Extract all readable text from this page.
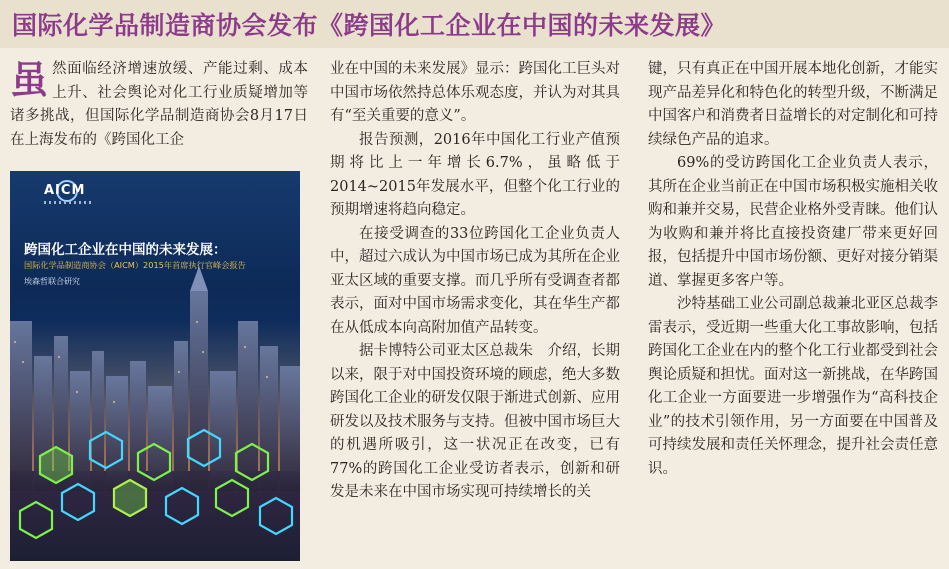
国际化学品制造商协会发布《跨国化工企业在中国的未来发展》

虽 然面临经济增速放缓、产能过剩、成本上升、社会舆论对化工行业质疑增加等诸多挑战，但国际化学品制造商协会8月17日在上海发布的《跨国化工企

AICM
跨国化工企业在中国的未来发展：
国际化学品制造商协会（AICM）2015年首席执行官峰会报告
埃森哲联合研究

业在中国的未来发展》显示：跨国化工巨头对中国市场依然持总体乐观态度，并认为对其具有“至关重要的意义”。

报告预测，2016年中国化工行业产值预期将比上一年增长6.7%，虽略低于2014~2015年发展水平，但整个化工行业的预期增速将趋向稳定。

在接受调查的33位跨国化工企业负责人中，超过六成认为中国市场已成为其所在企业亚太区域的重要支撑。而几乎所有受调查者都表示，面对中国市场需求变化，其在华生产都在从低成本向高附加值产品转变。

据卡博特公司亚太区总裁朱　介绍，长期以来，限于对中国投资环境的顾虑，绝大多数跨国化工企业的研发仅限于渐进式创新、应用研发以及技术服务与支持。但被中国市场巨大的机遇所吸引，这一状况正在改变，已有77%的跨国化工企业受访者表示，创新和研发是未来在中国市场实现可持续增长的关

键，只有真正在中国开展本地化创新，才能实现产品差异化和特色化的转型升级，不断满足中国客户和消费者日益增长的对定制化和可持续绿色产品的追求。

69%的受访跨国化工企业负责人表示，其所在企业当前正在中国市场积极实施相关收购和兼并交易，民营企业格外受青睐。他们认为收购和兼并将比直接投资建厂带来更好回报，包括提升中国市场份额、更好对接分销渠道、掌握更多客户等。

沙特基础工业公司副总裁兼北亚区总裁李雷表示，受近期一些重大化工事故影响，包括跨国化工企业在内的整个化工行业都受到社会舆论质疑和担忧。面对这一新挑战，在华跨国化工企业一方面要进一步增强作为“高科技企业”的技术引领作用，另一方面要在中国普及可持续发展和责任关怀理念，提升社会责任意识。
